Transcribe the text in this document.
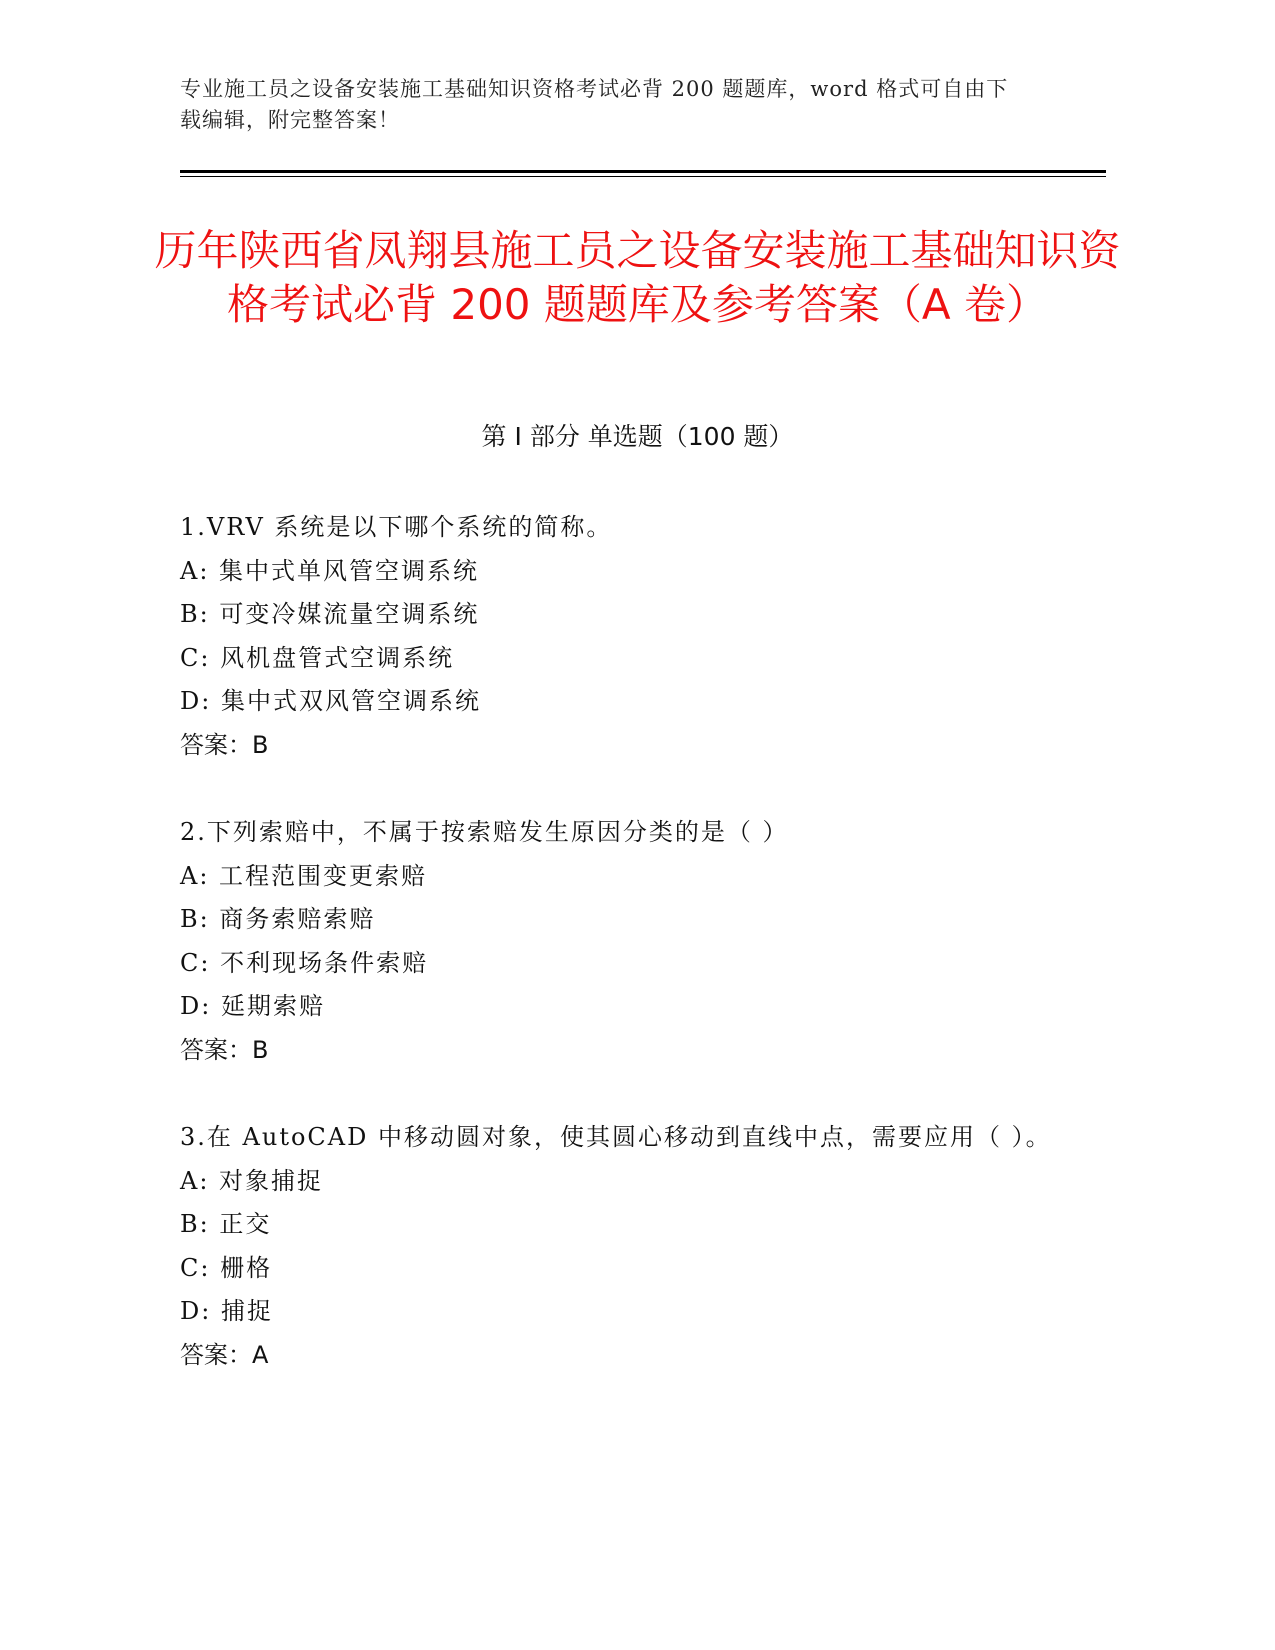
专业施工员之设备安装施工基础知识资格考试必背 200 题题库，word 格式可自由下载编辑，附完整答案！
历年陕西省凤翔县施工员之设备安装施工基础知识资格考试必背 200 题题库及参考答案（A 卷）
第 I 部分 单选题（100 题）
1.VRV 系统是以下哪个系统的简称。
A: 集中式单风管空调系统
B: 可变冷媒流量空调系统
C: 风机盘管式空调系统
D: 集中式双风管空调系统
答案：B
2.下列索赔中，不属于按索赔发生原因分类的是（ ）
A: 工程范围变更索赔
B: 商务索赔索赔
C: 不利现场条件索赔
D: 延期索赔
答案：B
3.在 AutoCAD 中移动圆对象，使其圆心移动到直线中点，需要应用（ ）。
A: 对象捕捉
B: 正交
C: 栅格
D: 捕捉
答案：A
